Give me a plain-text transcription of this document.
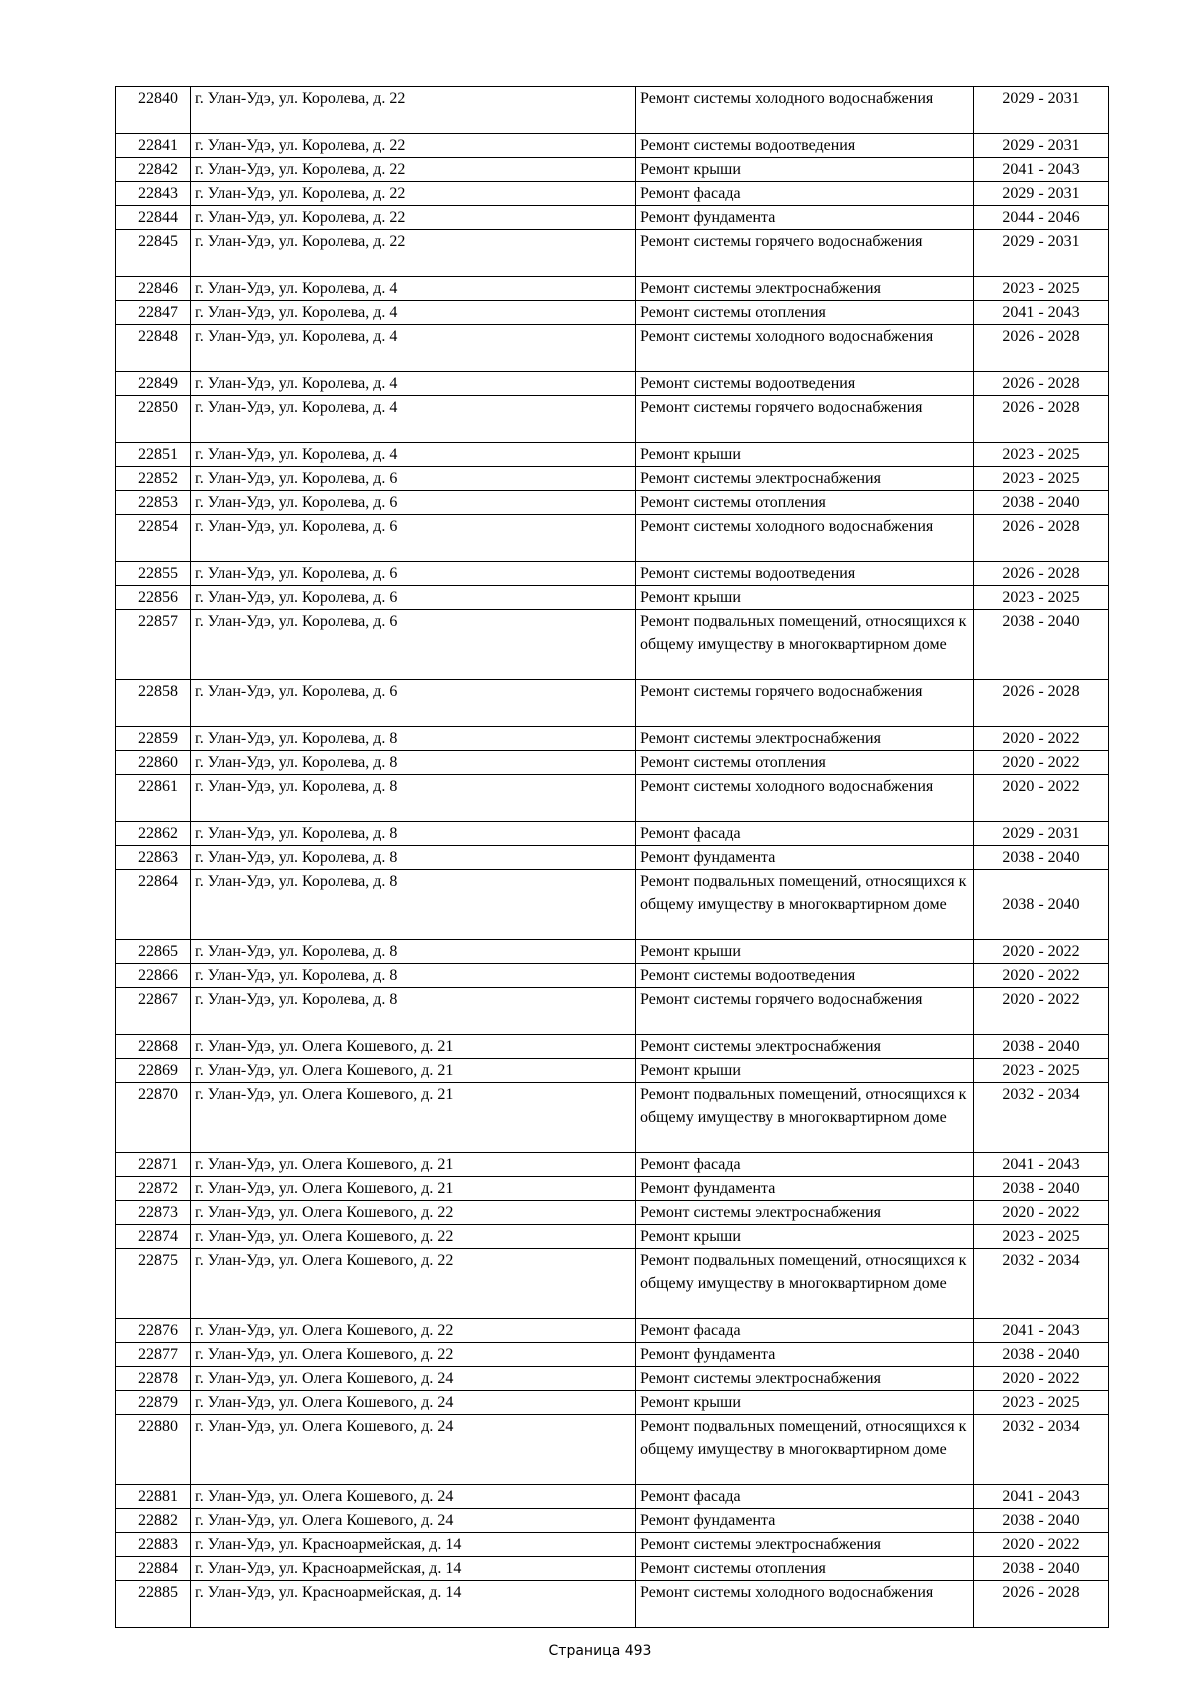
22840	г. Улан-Удэ, ул. Королева, д. 22	Ремонт системы холодного водоснабжения	2029 - 2031
22841	г. Улан-Удэ, ул. Королева, д. 22	Ремонт системы водоотведения	2029 - 2031
22842	г. Улан-Удэ, ул. Королева, д. 22	Ремонт крыши	2041 - 2043
22843	г. Улан-Удэ, ул. Королева, д. 22	Ремонт фасада	2029 - 2031
22844	г. Улан-Удэ, ул. Королева, д. 22	Ремонт фундамента	2044 - 2046
22845	г. Улан-Удэ, ул. Королева, д. 22	Ремонт системы горячего водоснабжения	2029 - 2031
22846	г. Улан-Удэ, ул. Королева, д. 4	Ремонт системы электроснабжения	2023 - 2025
22847	г. Улан-Удэ, ул. Королева, д. 4	Ремонт системы отопления	2041 - 2043
22848	г. Улан-Удэ, ул. Королева, д. 4	Ремонт системы холодного водоснабжения	2026 - 2028
22849	г. Улан-Удэ, ул. Королева, д. 4	Ремонт системы водоотведения	2026 - 2028
22850	г. Улан-Удэ, ул. Королева, д. 4	Ремонт системы горячего водоснабжения	2026 - 2028
22851	г. Улан-Удэ, ул. Королева, д. 4	Ремонт крыши	2023 - 2025
22852	г. Улан-Удэ, ул. Королева, д. 6	Ремонт системы электроснабжения	2023 - 2025
22853	г. Улан-Удэ, ул. Королева, д. 6	Ремонт системы отопления	2038 - 2040
22854	г. Улан-Удэ, ул. Королева, д. 6	Ремонт системы холодного водоснабжения	2026 - 2028
22855	г. Улан-Удэ, ул. Королева, д. 6	Ремонт системы водоотведения	2026 - 2028
22856	г. Улан-Удэ, ул. Королева, д. 6	Ремонт крыши	2023 - 2025
22857	г. Улан-Удэ, ул. Королева, д. 6	Ремонт подвальных помещений, относящихся к общему имуществу в многоквартирном доме	2038 - 2040
22858	г. Улан-Удэ, ул. Королева, д. 6	Ремонт системы горячего водоснабжения	2026 - 2028
22859	г. Улан-Удэ, ул. Королева, д. 8	Ремонт системы электроснабжения	2020 - 2022
22860	г. Улан-Удэ, ул. Королева, д. 8	Ремонт системы отопления	2020 - 2022
22861	г. Улан-Удэ, ул. Королева, д. 8	Ремонт системы холодного водоснабжения	2020 - 2022
22862	г. Улан-Удэ, ул. Королева, д. 8	Ремонт фасада	2029 - 2031
22863	г. Улан-Удэ, ул. Королева, д. 8	Ремонт фундамента	2038 - 2040
22864	г. Улан-Удэ, ул. Королева, д. 8	Ремонт подвальных помещений, относящихся к общему имуществу в многоквартирном доме	2038 - 2040
22865	г. Улан-Удэ, ул. Королева, д. 8	Ремонт крыши	2020 - 2022
22866	г. Улан-Удэ, ул. Королева, д. 8	Ремонт системы водоотведения	2020 - 2022
22867	г. Улан-Удэ, ул. Королева, д. 8	Ремонт системы горячего водоснабжения	2020 - 2022
22868	г. Улан-Удэ, ул. Олега Кошевого, д. 21	Ремонт системы электроснабжения	2038 - 2040
22869	г. Улан-Удэ, ул. Олега Кошевого, д. 21	Ремонт крыши	2023 - 2025
22870	г. Улан-Удэ, ул. Олега Кошевого, д. 21	Ремонт подвальных помещений, относящихся к общему имуществу в многоквартирном доме	2032 - 2034
22871	г. Улан-Удэ, ул. Олега Кошевого, д. 21	Ремонт фасада	2041 - 2043
22872	г. Улан-Удэ, ул. Олега Кошевого, д. 21	Ремонт фундамента	2038 - 2040
22873	г. Улан-Удэ, ул. Олега Кошевого, д. 22	Ремонт системы электроснабжения	2020 - 2022
22874	г. Улан-Удэ, ул. Олега Кошевого, д. 22	Ремонт крыши	2023 - 2025
22875	г. Улан-Удэ, ул. Олега Кошевого, д. 22	Ремонт подвальных помещений, относящихся к общему имуществу в многоквартирном доме	2032 - 2034
22876	г. Улан-Удэ, ул. Олега Кошевого, д. 22	Ремонт фасада	2041 - 2043
22877	г. Улан-Удэ, ул. Олега Кошевого, д. 22	Ремонт фундамента	2038 - 2040
22878	г. Улан-Удэ, ул. Олега Кошевого, д. 24	Ремонт системы электроснабжения	2020 - 2022
22879	г. Улан-Удэ, ул. Олега Кошевого, д. 24	Ремонт крыши	2023 - 2025
22880	г. Улан-Удэ, ул. Олега Кошевого, д. 24	Ремонт подвальных помещений, относящихся к общему имуществу в многоквартирном доме	2032 - 2034
22881	г. Улан-Удэ, ул. Олега Кошевого, д. 24	Ремонт фасада	2041 - 2043
22882	г. Улан-Удэ, ул. Олега Кошевого, д. 24	Ремонт фундамента	2038 - 2040
22883	г. Улан-Удэ, ул. Красноармейская, д. 14	Ремонт системы электроснабжения	2020 - 2022
22884	г. Улан-Удэ, ул. Красноармейская, д. 14	Ремонт системы отопления	2038 - 2040
22885	г. Улан-Удэ, ул. Красноармейская, д. 14	Ремонт системы холодного водоснабжения	2026 - 2028
Страница 493
